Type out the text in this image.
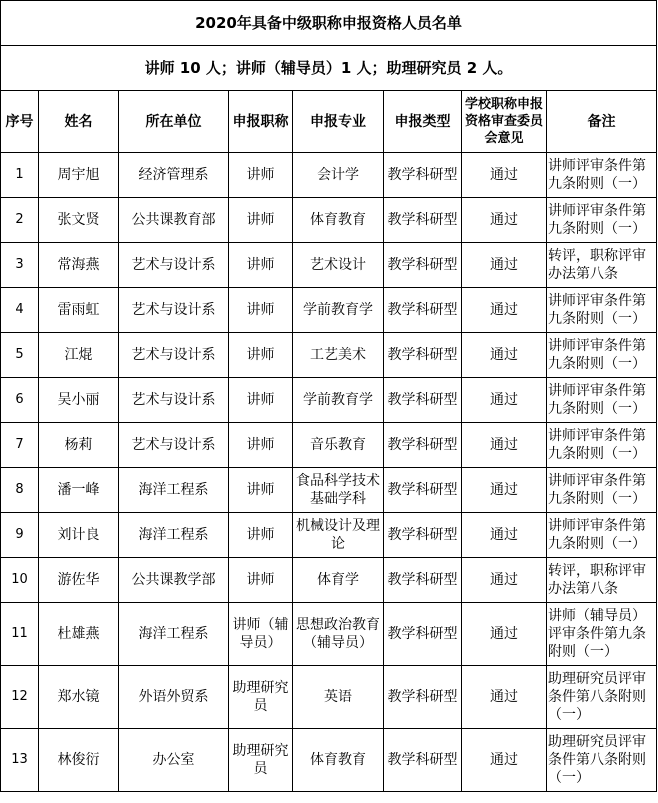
2020年具备中级职称申报资格人员名单							
讲师 10 人；讲师（辅导员）1 人；助理研究员 2 人。							
序号	姓名	所在单位	申报职称	申报专业	申报类型	学校职称申报资格审查委员会意见	备注
1	周宇旭	经济管理系	讲师	会计学	教学科研型	通过	讲师评审条件第九条附则（一）
2	张文贤	公共课教育部	讲师	体育教育	教学科研型	通过	讲师评审条件第九条附则（一）
3	常海燕	艺术与设计系	讲师	艺术设计	教学科研型	通过	转评，职称评审办法第八条
4	雷雨虹	艺术与设计系	讲师	学前教育学	教学科研型	通过	讲师评审条件第九条附则（一）
5	江焜	艺术与设计系	讲师	工艺美术	教学科研型	通过	讲师评审条件第九条附则（一）
6	吴小丽	艺术与设计系	讲师	学前教育学	教学科研型	通过	讲师评审条件第九条附则（一）
7	杨莉	艺术与设计系	讲师	音乐教育	教学科研型	通过	讲师评审条件第九条附则（一）
8	潘一峰	海洋工程系	讲师	食品科学技术基础学科	教学科研型	通过	讲师评审条件第九条附则（一）
9	刘计良	海洋工程系	讲师	机械设计及理论	教学科研型	通过	讲师评审条件第九条附则（一）
10	游佐华	公共课教学部	讲师	体育学	教学科研型	通过	转评，职称评审办法第八条
11	杜雄燕	海洋工程系	讲师（辅导员）	思想政治教育（辅导员）	教学科研型	通过	讲师（辅导员）评审条件第九条附则（一）
12	郑水镜	外语外贸系	助理研究员	英语	教学科研型	通过	助理研究员评审条件第八条附则（一）
13	林俊衍	办公室	助理研究员	体育教育	教学科研型	通过	助理研究员评审条件第八条附则（一）
